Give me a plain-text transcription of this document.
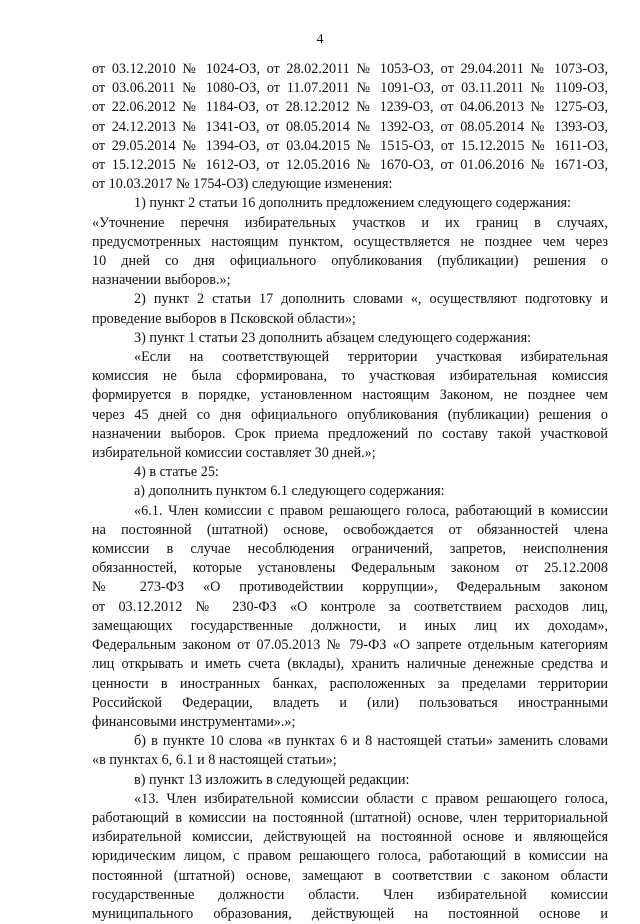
4

от 03.12.2010 № 1024-ОЗ, от 28.02.2011 № 1053-ОЗ, от 29.04.2011 № 1073-ОЗ,

от 03.06.2011 № 1080-ОЗ, от 11.07.2011 № 1091-ОЗ, от 03.11.2011 № 1109-ОЗ,

от 22.06.2012 № 1184-ОЗ, от 28.12.2012 № 1239-ОЗ, от 04.06.2013 № 1275-ОЗ,

от 24.12.2013 № 1341-ОЗ, от 08.05.2014 № 1392-ОЗ, от 08.05.2014 № 1393-ОЗ,

от 29.05.2014 № 1394-ОЗ, от 03.04.2015 № 1515-ОЗ, от 15.12.2015 № 1611-ОЗ,

от 15.12.2015 № 1612-ОЗ, от 12.05.2016 № 1670-ОЗ, от 01.06.2016 № 1671-ОЗ,

от 10.03.2017 № 1754-ОЗ) следующие изменения:

1) пункт 2 статьи 16 дополнить предложением следующего содержания:

«Уточнение перечня избирательных участков и их границ в случаях,

предусмотренных настоящим пунктом, осуществляется не позднее чем через

10 дней со дня официального опубликования (публикации) решения о

назначении выборов.»;

2) пункт 2 статьи 17 дополнить словами «, осуществляют подготовку и

проведение выборов в Псковской области»;

3) пункт 1 статьи 23 дополнить абзацем следующего содержания:

«Если на соответствующей территории участковая избирательная

комиссия не была сформирована, то участковая избирательная комиссия

формируется в порядке, установленном настоящим Законом, не позднее чем

через 45 дней со дня официального опубликования (публикации) решения о

назначении выборов. Срок приема предложений по составу такой участковой

избирательной комиссии составляет 30 дней.»;

4) в статье 25:

а) дополнить пунктом 6.1 следующего содержания:

«6.1. Член комиссии с правом решающего голоса, работающий в комиссии

на постоянной (штатной) основе, освобождается от обязанностей члена

комиссии в случае несоблюдения ограничений, запретов, неисполнения

обязанностей, которые установлены Федеральным законом от 25.12.2008

№ 273-ФЗ «О противодействии коррупции», Федеральным законом

от 03.12.2012 № 230-ФЗ «О контроле за соответствием расходов лиц,

замещающих государственные должности, и иных лиц их доходам»,

Федеральным законом от 07.05.2013 № 79-ФЗ «О запрете отдельным категориям

лиц открывать и иметь счета (вклады), хранить наличные денежные средства и

ценности в иностранных банках, расположенных за пределами территории

Российской Федерации, владеть и (или) пользоваться иностранными

финансовыми инструментами».»;

б) в пункте 10 слова «в пунктах 6 и 8 настоящей статьи» заменить словами

«в пунктах 6, 6.1 и 8 настоящей статьи»;

в) пункт 13 изложить в следующей редакции:

«13. Член избирательной комиссии области с правом решающего голоса,

работающий в комиссии на постоянной (штатной) основе, член территориальной

избирательной комиссии, действующей на постоянной основе и являющейся

юридическим лицом, с правом решающего голоса, работающий в комиссии на

постоянной (штатной) основе, замещают в соответствии с законом области

государственные должности области. Член избирательной комиссии

муниципального образования, действующей на постоянной основе и
